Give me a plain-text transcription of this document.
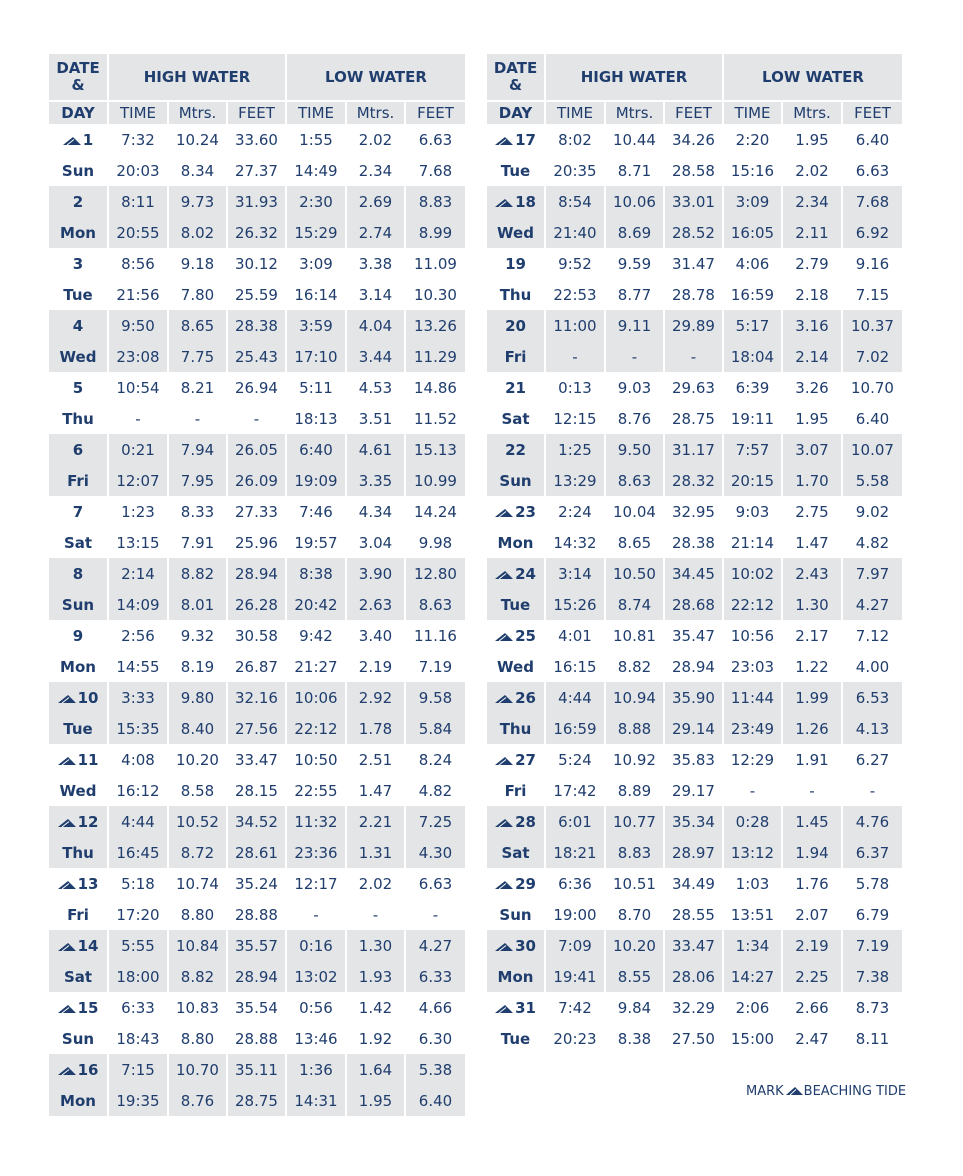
DATE
&	HIGH WATER			LOW WATER		
DAY	TIME	Mtrs.	FEET	TIME	Mtrs.	FEET

1	7:32	10.24	33.60	1:55	2.02	6.63
Sun	20:03	8.34	27.37	14:49	2.34	7.68
2	8:11	9.73	31.93	2:30	2.69	8.83
Mon	20:55	8.02	26.32	15:29	2.74	8.99
3	8:56	9.18	30.12	3:09	3.38	11.09
Tue	21:56	7.80	25.59	16:14	3.14	10.30
4	9:50	8.65	28.38	3:59	4.04	13.26
Wed	23:08	7.75	25.43	17:10	3.44	11.29
5	10:54	8.21	26.94	5:11	4.53	14.86
Thu	-	-	-	18:13	3.51	11.52
6	0:21	7.94	26.05	6:40	4.61	15.13
Fri	12:07	7.95	26.09	19:09	3.35	10.99
7	1:23	8.33	27.33	7:46	4.34	14.24
Sat	13:15	7.91	25.96	19:57	3.04	9.98
8	2:14	8.82	28.94	8:38	3.90	12.80
Sun	14:09	8.01	26.28	20:42	2.63	8.63
9	2:56	9.32	30.58	9:42	3.40	11.16
Mon	14:55	8.19	26.87	21:27	2.19	7.19

10	3:33	9.80	32.16	10:06	2.92	9.58
Tue	15:35	8.40	27.56	22:12	1.78	5.84

11	4:08	10.20	33.47	10:50	2.51	8.24
Wed	16:12	8.58	28.15	22:55	1.47	4.82

12	4:44	10.52	34.52	11:32	2.21	7.25
Thu	16:45	8.72	28.61	23:36	1.31	4.30

13	5:18	10.74	35.24	12:17	2.02	6.63
Fri	17:20	8.80	28.88	-	-	-

14	5:55	10.84	35.57	0:16	1.30	4.27
Sat	18:00	8.82	28.94	13:02	1.93	6.33

15	6:33	10.83	35.54	0:56	1.42	4.66
Sun	18:43	8.80	28.88	13:46	1.92	6.30

16	7:15	10.70	35.11	1:36	1.64	5.38
Mon	19:35	8.76	28.75	14:31	1.95	6.40
DATE
&	HIGH WATER			LOW WATER		
DAY	TIME	Mtrs.	FEET	TIME	Mtrs.	FEET

17	8:02	10.44	34.26	2:20	1.95	6.40
Tue	20:35	8.71	28.58	15:16	2.02	6.63

18	8:54	10.06	33.01	3:09	2.34	7.68
Wed	21:40	8.69	28.52	16:05	2.11	6.92
19	9:52	9.59	31.47	4:06	2.79	9.16
Thu	22:53	8.77	28.78	16:59	2.18	7.15
20	11:00	9.11	29.89	5:17	3.16	10.37
Fri	-	-	-	18:04	2.14	7.02
21	0:13	9.03	29.63	6:39	3.26	10.70
Sat	12:15	8.76	28.75	19:11	1.95	6.40
22	1:25	9.50	31.17	7:57	3.07	10.07
Sun	13:29	8.63	28.32	20:15	1.70	5.58

23	2:24	10.04	32.95	9:03	2.75	9.02
Mon	14:32	8.65	28.38	21:14	1.47	4.82

24	3:14	10.50	34.45	10:02	2.43	7.97
Tue	15:26	8.74	28.68	22:12	1.30	4.27

25	4:01	10.81	35.47	10:56	2.17	7.12
Wed	16:15	8.82	28.94	23:03	1.22	4.00

26	4:44	10.94	35.90	11:44	1.99	6.53
Thu	16:59	8.88	29.14	23:49	1.26	4.13

27	5:24	10.92	35.83	12:29	1.91	6.27
Fri	17:42	8.89	29.17	-	-	-

28	6:01	10.77	35.34	0:28	1.45	4.76
Sat	18:21	8.83	28.97	13:12	1.94	6.37

29	6:36	10.51	34.49	1:03	1.76	5.78
Sun	19:00	8.70	28.55	13:51	2.07	6.79

30	7:09	10.20	33.47	1:34	2.19	7.19
Mon	19:41	8.55	28.06	14:27	2.25	7.38

31	7:42	9.84	32.29	2:06	2.66	8.73
Tue	20:23	8.38	27.50	15:00	2.47	8.11
MARK BEACHING TIDE
